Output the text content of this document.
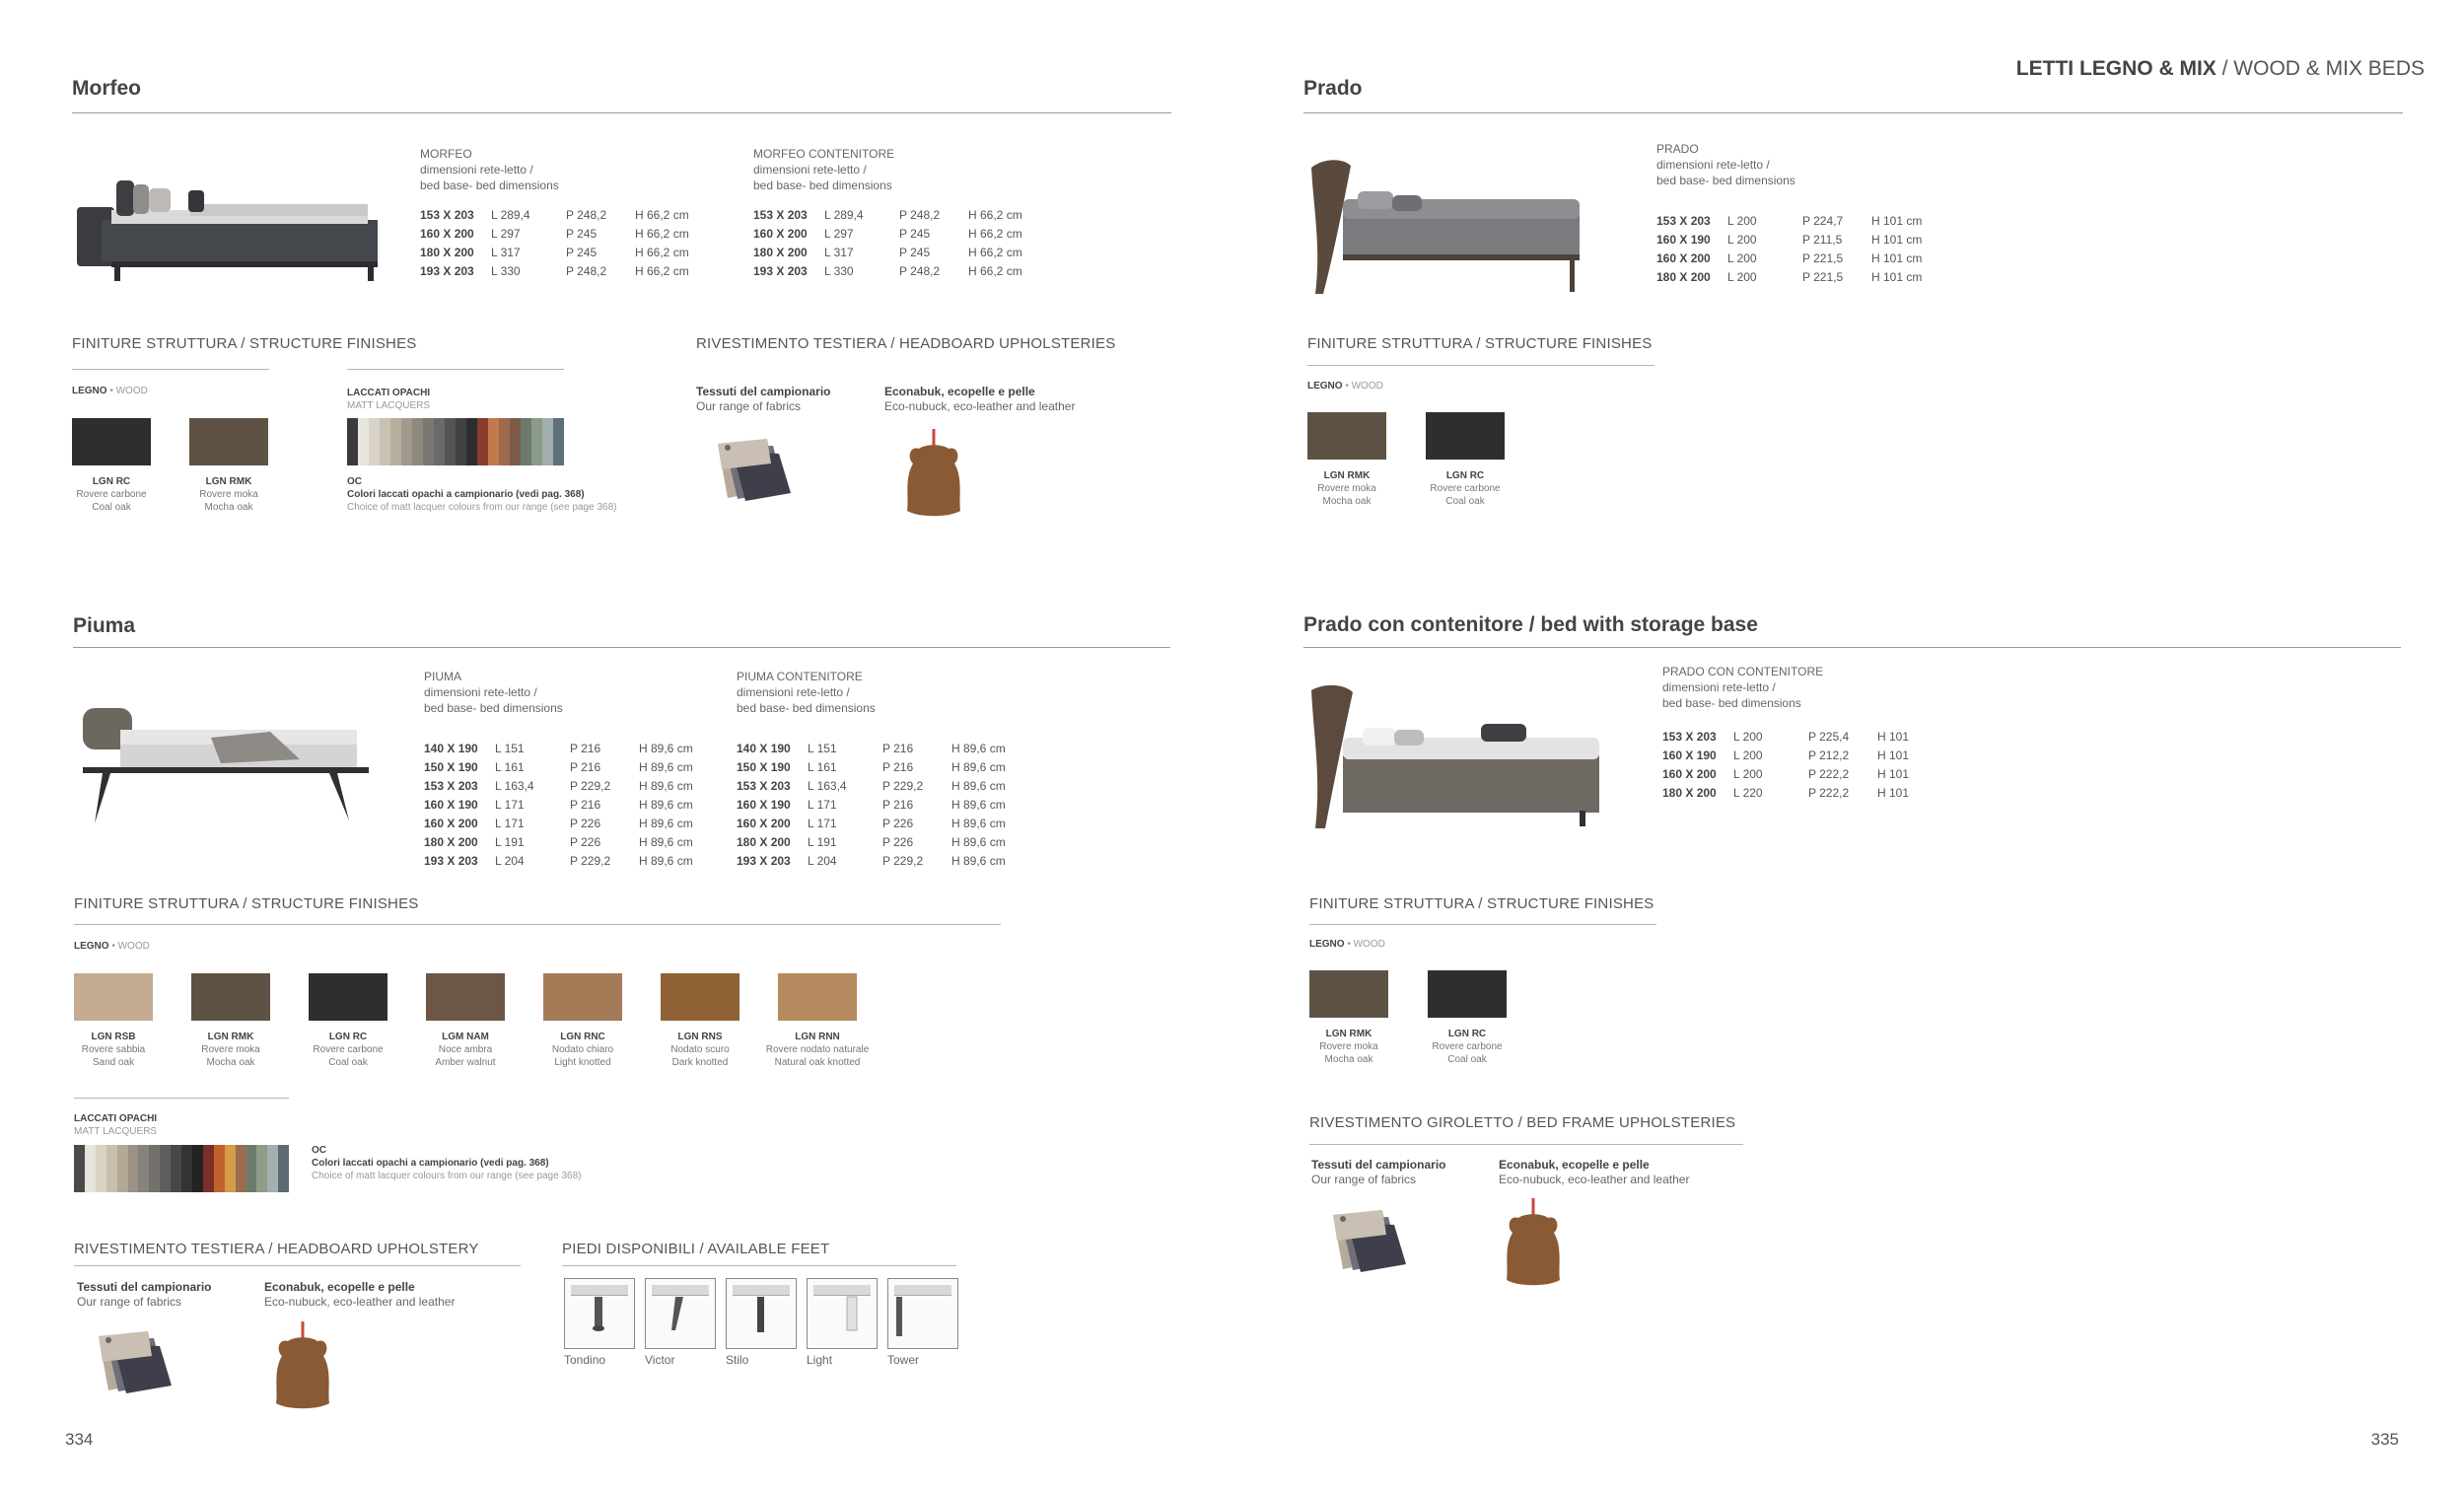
LETTI LEGNO & MIX / WOOD & MIX BEDS
Morfeo
MORFEO
dimensioni rete-letto /
bed base- bed dimensions
153 X 203	L 289,4	P 248,2	H 66,2 cm
160 X 200	L 297	P 245	H 66,2 cm
180 X 200	L 317	P 245	H 66,2 cm
193 X 203	L 330	P 248,2	H 66,2 cm
MORFEO CONTENITORE
dimensioni rete-letto /
bed base- bed dimensions
153 X 203	L 289,4	P 248,2	H 66,2 cm
160 X 200	L 297	P 245	H 66,2 cm
180 X 200	L 317	P 245	H 66,2 cm
193 X 203	L 330	P 248,2	H 66,2 cm
FINITURE STRUTTURA / STRUCTURE FINISHES
LEGNO • WOOD
LGN RC
Rovere carbone
Coal oak
LGN RMK
Rovere moka
Mocha oak
LACCATI OPACHI
MATT LACQUERS
OC
Colori laccati opachi a campionario (vedi pag. 368)
Choice of matt lacquer colours from our range (see page 368)
RIVESTIMENTO TESTIERA / HEADBOARD UPHOLSTERIES
Tessuti del campionario
Our range of fabrics
Econabuk, ecopelle e pelle
Eco-nubuck, eco-leather and leather
Prado
PRADO
dimensioni rete-letto /
bed base- bed dimensions
153 X 203	L 200	P 224,7	H 101 cm
160 X 190	L 200	P 211,5	H 101 cm
160 X 200	L 200	P 221,5	H 101 cm
180 X 200	L 200	P 221,5	H 101 cm
FINITURE STRUTTURA / STRUCTURE FINISHES
LEGNO • WOOD
LGN RMK
Rovere moka
Mocha oak
LGN RC
Rovere carbone
Coal oak
Piuma
PIUMA
dimensioni rete-letto /
bed base- bed dimensions
140 X 190	L 151	P 216	H 89,6 cm
150 X 190	L 161	P 216	H 89,6 cm
153 X 203	L 163,4	P 229,2	H 89,6 cm
160 X 190	L 171	P 216	H 89,6 cm
160 X 200	L 171	P 226	H 89,6 cm
180 X 200	L 191	P 226	H 89,6 cm
193 X 203	L 204	P 229,2	H 89,6 cm
PIUMA CONTENITORE
dimensioni rete-letto /
bed base- bed dimensions
140 X 190	L 151	P 216	H 89,6 cm
150 X 190	L 161	P 216	H 89,6 cm
153 X 203	L 163,4	P 229,2	H 89,6 cm
160 X 190	L 171	P 216	H 89,6 cm
160 X 200	L 171	P 226	H 89,6 cm
180 X 200	L 191	P 226	H 89,6 cm
193 X 203	L 204	P 229,2	H 89,6 cm
FINITURE STRUTTURA / STRUCTURE FINISHES
LEGNO • WOOD
LGN RSB
Rovere sabbia
Sand oak
LGN RMK
Rovere moka
Mocha oak
LGN RC
Rovere carbone
Coal oak
LGM NAM
Noce ambra
Amber walnut
LGN RNC
Nodato chiaro
Light knotted
LGN RNS
Nodato scuro
Dark knotted
LGN RNN
Rovere nodato naturale
Natural oak knotted
LACCATI OPACHI
MATT LACQUERS
OC
Colori laccati opachi a campionario (vedi pag. 368)
Choice of matt lacquer colours from our range (see page 368)
RIVESTIMENTO TESTIERA / HEADBOARD UPHOLSTERY
Tessuti del campionario
Our range of fabrics
Econabuk, ecopelle e pelle
Eco-nubuck, eco-leather and leather
PIEDI DISPONIBILI / AVAILABLE FEET
Tondino	Victor	Stilo	Light	Tower
Prado con contenitore / bed with storage base
PRADO CON CONTENITORE
dimensioni rete-letto /
bed base- bed dimensions
153 X 203	L 200	P 225,4	H 101
160 X 190	L 200	P 212,2	H 101
160 X 200	L 200	P 222,2	H 101
180 X 200	L 220	P 222,2	H 101
FINITURE STRUTTURA / STRUCTURE FINISHES
LEGNO • WOOD
LGN RMK
Rovere moka
Mocha oak
LGN RC
Rovere carbone
Coal oak
RIVESTIMENTO GIROLETTO / BED FRAME UPHOLSTERIES
Tessuti del campionario
Our range of fabrics
Econabuk, ecopelle e pelle
Eco-nubuck, eco-leather and leather
334	335
